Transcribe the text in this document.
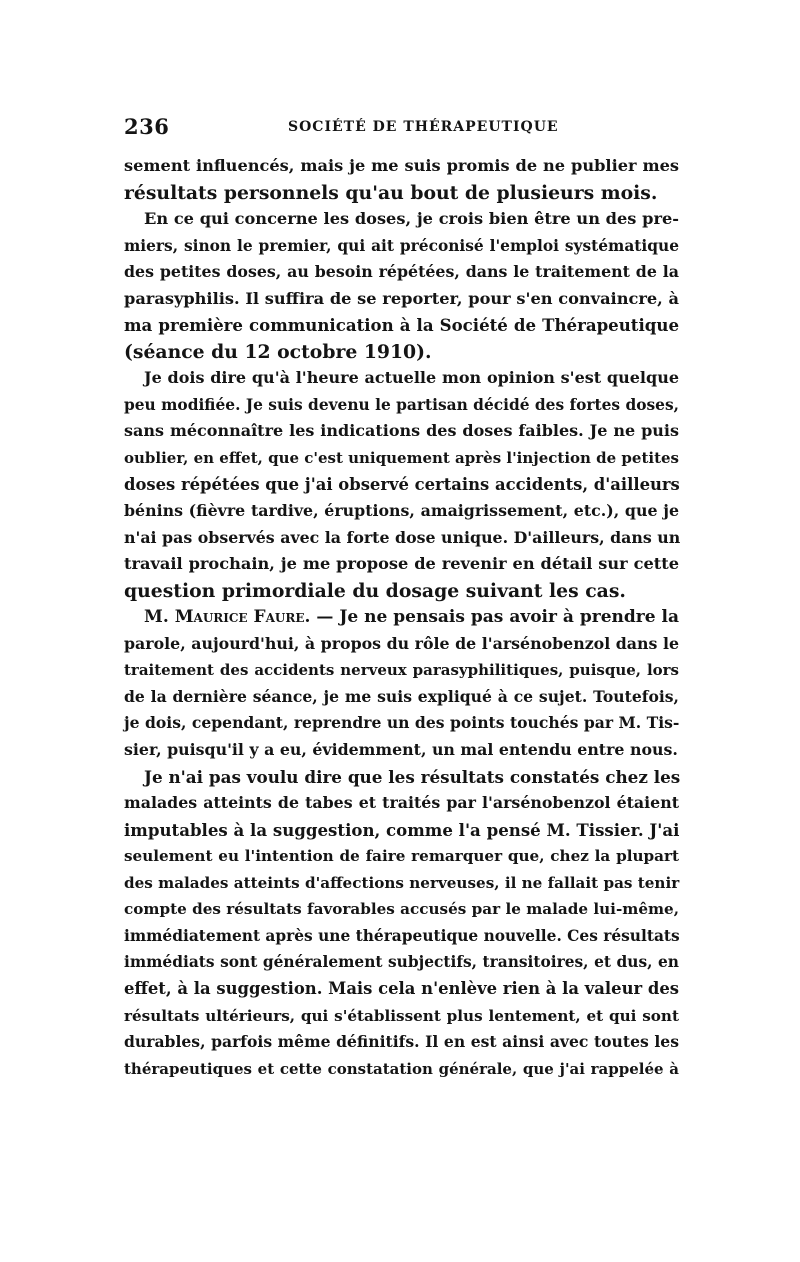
236	SOCIÉTÉ DE THÉRAPEUTIQUE
sement influencés, mais je me suis promis de ne publier mes
résultats personnels qu'au bout de plusieurs mois.
En ce qui concerne les doses, je crois bien être un des pre-
miers, sinon le premier, qui ait préconisé l'emploi systématique
des petites doses, au besoin répétées, dans le traitement de la
parasyphilis. Il suffira de se reporter, pour s'en convaincre, à
ma première communication à la Société de Thérapeutique
(séance du 12 octobre 1910).
Je dois dire qu'à l'heure actuelle mon opinion s'est quelque
peu modifiée. Je suis devenu le partisan décidé des fortes doses,
sans méconnaître les indications des doses faibles. Je ne puis
oublier, en effet, que c'est uniquement après l'injection de petites
doses répétées que j'ai observé certains accidents, d'ailleurs
bénins (fièvre tardive, éruptions, amaigrissement, etc.), que je
n'ai pas observés avec la forte dose unique. D'ailleurs, dans un
travail prochain, je me propose de revenir en détail sur cette
question primordiale du dosage suivant les cas.
M. Maurice Faure. — Je ne pensais pas avoir à prendre la
parole, aujourd'hui, à propos du rôle de l'arsénobenzol dans le
traitement des accidents nerveux parasyphilitiques, puisque, lors
de la dernière séance, je me suis expliqué à ce sujet. Toutefois,
je dois, cependant, reprendre un des points touchés par M. Tis-
sier, puisqu'il y a eu, évidemment, un mal entendu entre nous.
Je n'ai pas voulu dire que les résultats constatés chez les
malades atteints de tabes et traités par l'arsénobenzol étaient
imputables à la suggestion, comme l'a pensé M. Tissier. J'ai
seulement eu l'intention de faire remarquer que, chez la plupart
des malades atteints d'affections nerveuses, il ne fallait pas tenir
compte des résultats favorables accusés par le malade lui-même,
immédiatement après une thérapeutique nouvelle. Ces résultats
immédiats sont généralement subjectifs, transitoires, et dus, en
effet, à la suggestion. Mais cela n'enlève rien à la valeur des
résultats ultérieurs, qui s'établissent plus lentement, et qui sont
durables, parfois même définitifs. Il en est ainsi avec toutes les
thérapeutiques et cette constatation générale, que j'ai rappelée à
